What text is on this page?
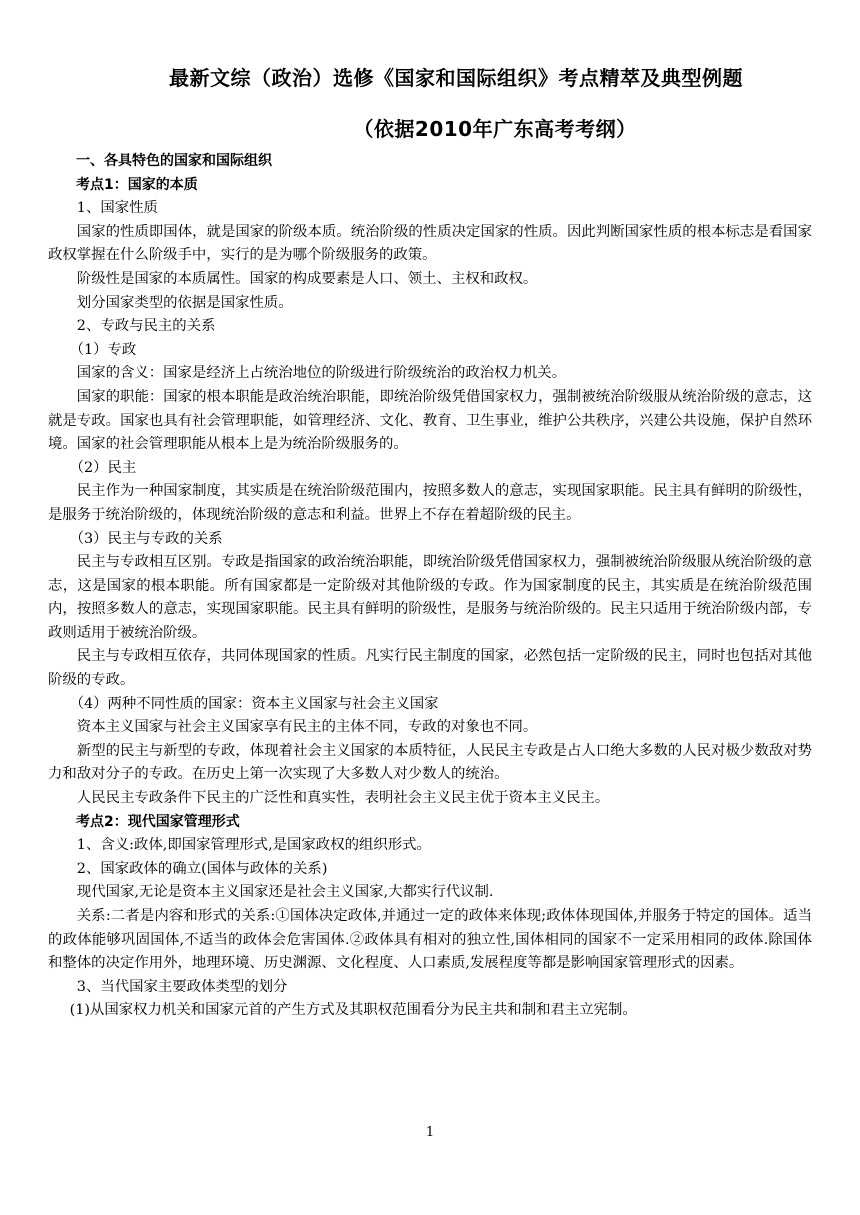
最新文综（政治）选修《国家和国际组织》考点精萃及典型例题
（依据2010年广东高考考纲）

一、各具特色的国家和国际组织

考点1：国家的本质

1、国家性质

国家的性质即国体，就是国家的阶级本质。统治阶级的性质决定国家的性质。因此判断国家性质的根本标志是看国家政权掌握在什么阶级手中，实行的是为哪个阶级服务的政策。

阶级性是国家的本质属性。国家的构成要素是人口、领土、主权和政权。

划分国家类型的依据是国家性质。

2、专政与民主的关系

（1）专政

国家的含义：国家是经济上占统治地位的阶级进行阶级统治的政治权力机关。

国家的职能：国家的根本职能是政治统治职能，即统治阶级凭借国家权力，强制被统治阶级服从统治阶级的意志，这就是专政。国家也具有社会管理职能，如管理经济、文化、教育、卫生事业，维护公共秩序，兴建公共设施，保护自然环境。国家的社会管理职能从根本上是为统治阶级服务的。

（2）民主

民主作为一种国家制度，其实质是在统治阶级范围内，按照多数人的意志，实现国家职能。民主具有鲜明的阶级性，是服务于统治阶级的，体现统治阶级的意志和利益。世界上不存在着超阶级的民主。

（3）民主与专政的关系

民主与专政相互区别。专政是指国家的政治统治职能，即统治阶级凭借国家权力，强制被统治阶级服从统治阶级的意志，这是国家的根本职能。所有国家都是一定阶级对其他阶级的专政。作为国家制度的民主，其实质是在统治阶级范围内，按照多数人的意志，实现国家职能。民主具有鲜明的阶级性，是服务与统治阶级的。民主只适用于统治阶级内部，专政则适用于被统治阶级。

民主与专政相互依存，共同体现国家的性质。凡实行民主制度的国家，必然包括一定阶级的民主，同时也包括对其他阶级的专政。

（4）两种不同性质的国家：资本主义国家与社会主义国家

资本主义国家与社会主义国家享有民主的主体不同，专政的对象也不同。

新型的民主与新型的专政，体现着社会主义国家的本质特征，人民民主专政是占人口绝大多数的人民对极少数敌对势力和敌对分子的专政。在历史上第一次实现了大多数人对少数人的统治。

人民民主专政条件下民主的广泛性和真实性，表明社会主义民主优于资本主义民主。

考点2：现代国家管理形式

1、含义:政体,即国家管理形式,是国家政权的组织形式。

2、国家政体的确立(国体与政体的关系)

现代国家,无论是资本主义国家还是社会主义国家,大都实行代议制.

关系:二者是内容和形式的关系:①国体决定政体,并通过一定的政体来体现;政体体现国体,并服务于特定的国体。适当的政体能够巩固国体,不适当的政体会危害国体.②政体具有相对的独立性,国体相同的国家不一定采用相同的政体.除国体和整体的决定作用外，地理环境、历史渊源、文化程度、人口素质,发展程度等都是影响国家管理形式的因素。

3、当代国家主要政体类型的划分

(1)从国家权力机关和国家元首的产生方式及其职权范围看分为民主共和制和君主立宪制。

1
